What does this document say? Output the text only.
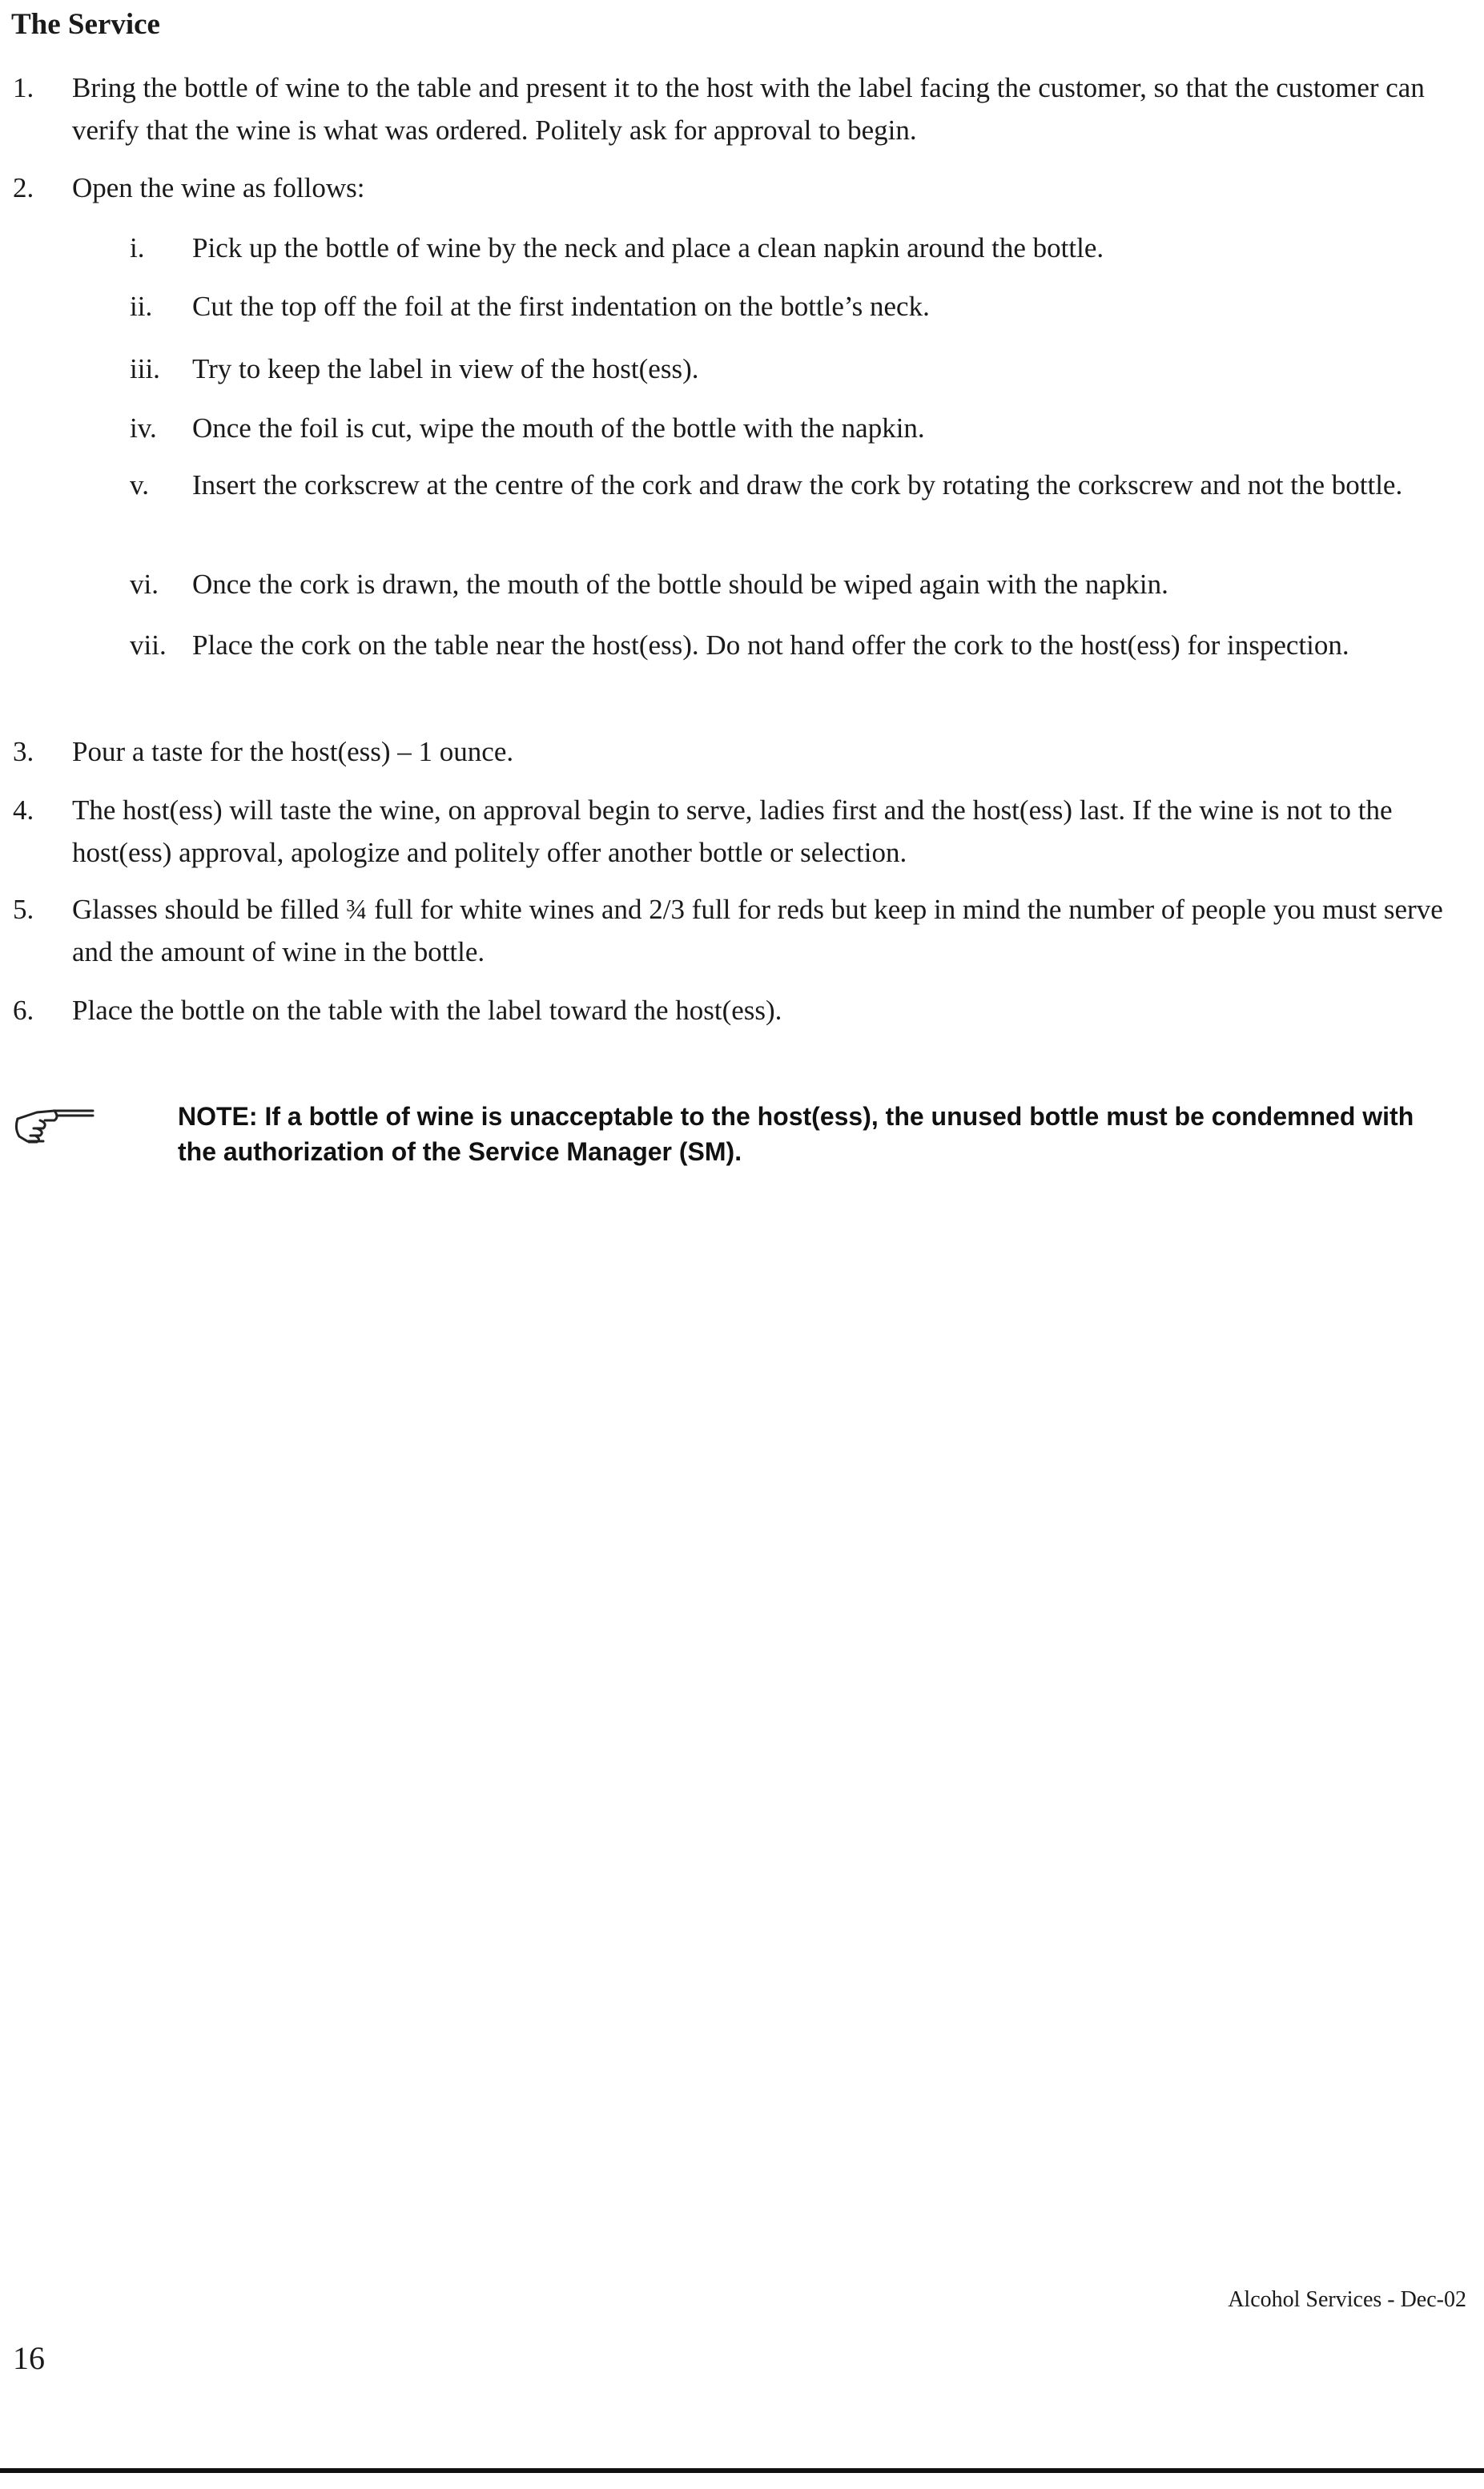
The Service
1. Bring the bottle of wine to the table and present it to the host with the label facing the customer, so that the customer can verify that the wine is what was ordered. Politely ask for approval to begin.
2. Open the wine as follows:
i. Pick up the bottle of wine by the neck and place a clean napkin around the bottle.
ii. Cut the top off the foil at the first indentation on the bottle’s neck.
iii. Try to keep the label in view of the host(ess).
iv. Once the foil is cut, wipe the mouth of the bottle with the napkin.
v.	Insert the corkscrew at the centre of the cork and draw the cork by rotating the corkscrew and not the bottle.
vi. Once the cork is drawn, the mouth of the bottle should be wiped again with the napkin.
vii. Place the cork on the table near the host(ess). Do not hand offer the cork to the host(ess) for inspection.
3. Pour a taste for the host(ess) – 1 ounce.
4. The host(ess) will taste the wine, on approval begin to serve, ladies first and the host(ess) last. If the wine is not to the host(ess) approval, apologize and politely offer another bottle or selection.
5. Glasses should be filled ¾ full for white wines and 2/3 full for reds but keep in mind the number of people you must serve and the amount of wine in the bottle.
6. Place the bottle on the table with the label toward the host(ess).
NOTE: If a bottle of wine is unacceptable to the host(ess), the unused bottle must be condemned with the authorization of the Service Manager (SM).
Alcohol Services - Dec-02
16
